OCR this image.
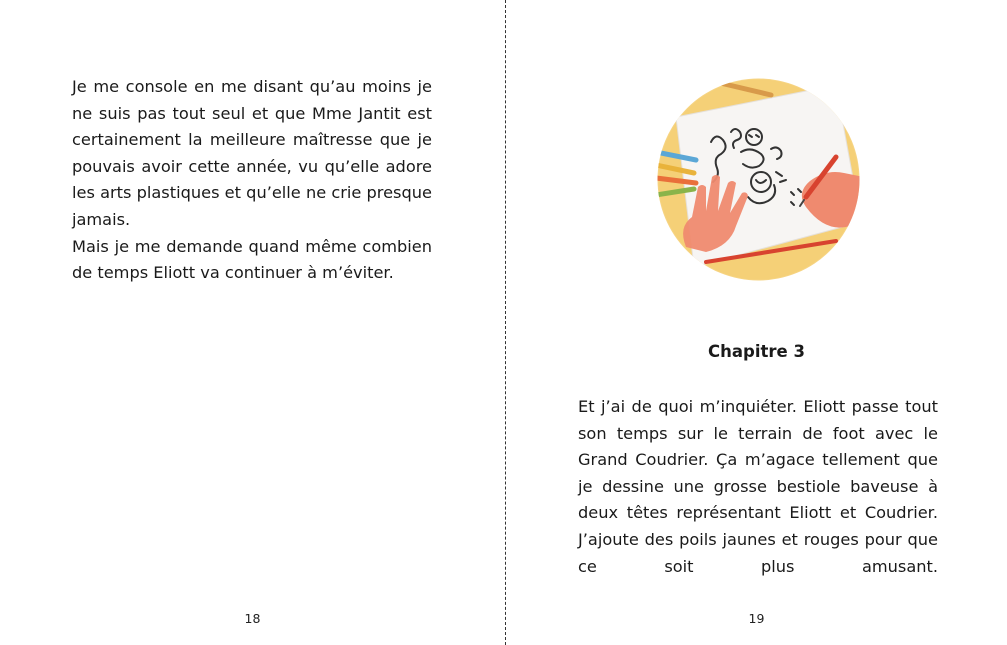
Je me console en me disant qu’au moins je ne suis pas tout seul et que Mme Jantit est certainement la meilleure maîtresse que je pouvais avoir cette année, vu qu’elle adore les arts plastiques et qu’elle ne crie presque jamais.

Mais je me demande quand même combien de temps Eliott va continuer à m’éviter.

18
Chapitre 3

Et j’ai de quoi m’inquiéter. Eliott passe tout son temps sur le terrain de foot avec le Grand Coudrier. Ça m’agace tellement que je dessine une grosse bestiole baveuse à deux têtes représentant Eliott et Coudrier. J’ajoute des poils jaunes et rouges pour que ce soit plus amusant.

19
